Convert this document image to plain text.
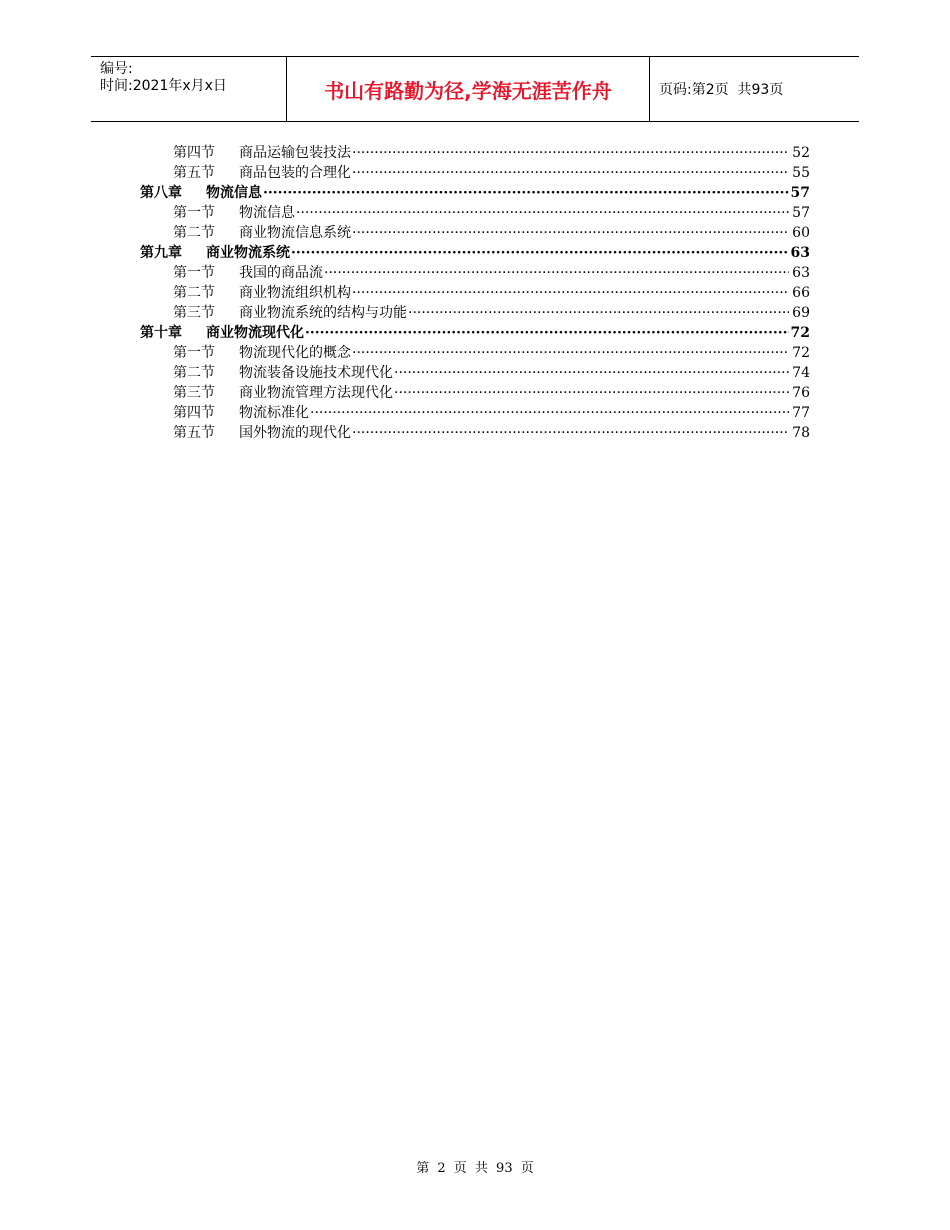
编号:
时间:2021年x月x日	书山有路勤为径,学海无涯苦作舟	页码:第2页  共93页
第四节 商品运输包装技法 ·····	52
第五节 商品包装的合理化 ·····	55
第八章 物流信息 ·····	57
第一节 物流信息 ·····	57
第二节 商业物流信息系统 ·····	60
第九章 商业物流系统 ·····	63
第一节 我国的商品流 ·····	63
第二节 商业物流组织机构 ·····	66
第三节 商业物流系统的结构与功能 ·····	69
第十章 商业物流现代化 ·····	72
第一节 物流现代化的概念 ·····	72
第二节 物流装备设施技术现代化 ·····	74
第三节 商业物流管理方法现代化 ·····	76
第四节 物流标准化 ·····	77
第五节 国外物流的现代化 ·····	78
第 2 页 共 93 页
